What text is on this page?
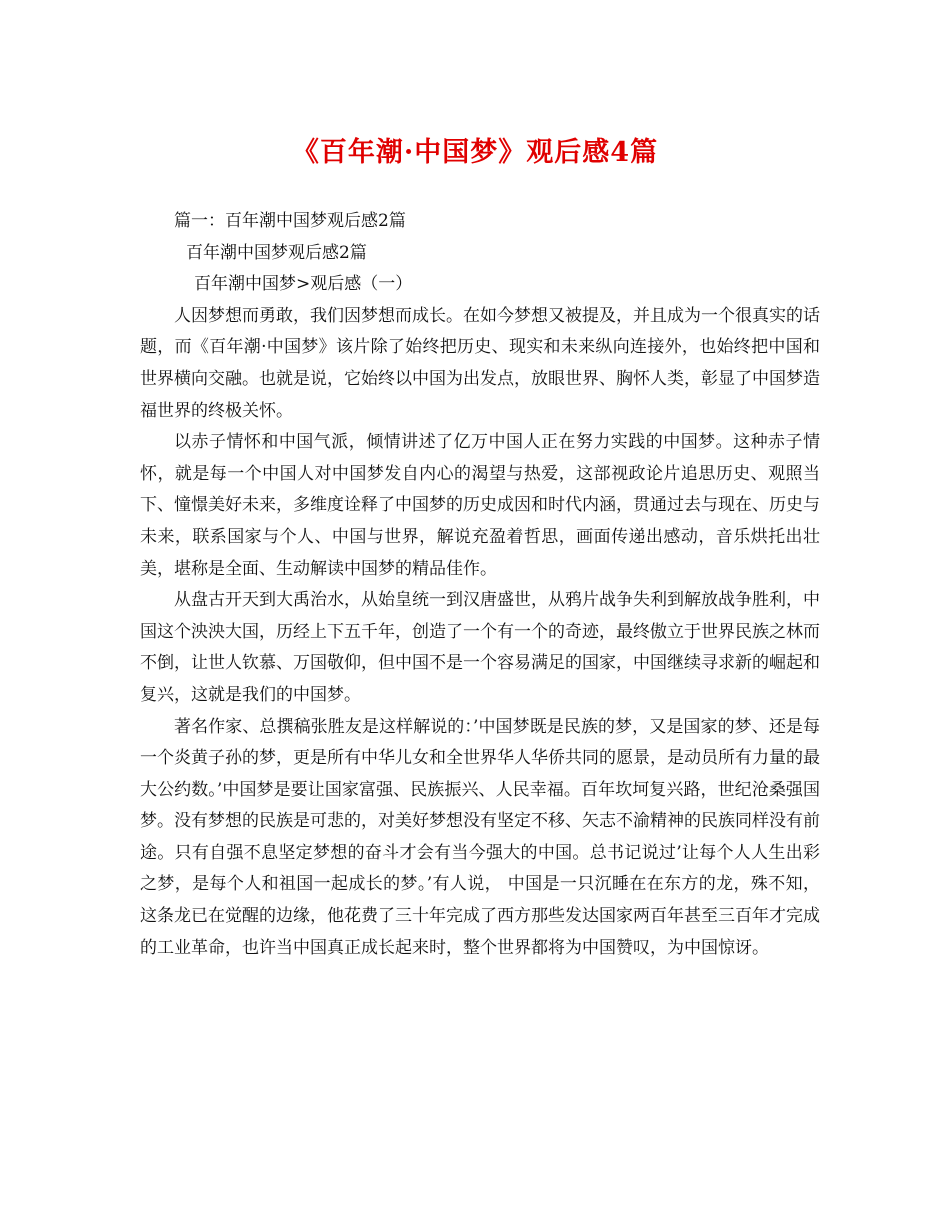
《百年潮·中国梦》观后感4篇

篇一：百年潮中国梦观后感2篇

百年潮中国梦观后感2篇

百年潮中国梦>观后感（一）

人因梦想而勇敢，我们因梦想而成长。在如今梦想又被提及，并且成为一个很真实的话题，而《百年潮·中国梦》该片除了始终把历史、现实和未来纵向连接外，也始终把中国和世界横向交融。也就是说，它始终以中国为出发点，放眼世界、胸怀人类，彰显了中国梦造福世界的终极关怀。

以赤子情怀和中国气派，倾情讲述了亿万中国人正在努力实践的中国梦。这种赤子情怀，就是每一个中国人对中国梦发自内心的渴望与热爱，这部视政论片追思历史、观照当下、憧憬美好未来，多维度诠释了中国梦的历史成因和时代内涵，贯通过去与现在、历史与未来，联系国家与个人、中国与世界，解说充盈着哲思，画面传递出感动，音乐烘托出壮美，堪称是全面、生动解读中国梦的精品佳作。

从盘古开天到大禹治水，从始皇统一到汉唐盛世，从鸦片战争失利到解放战争胜利，中国这个泱泱大国，历经上下五千年，创造了一个有一个的奇迹，最终傲立于世界民族之林而不倒，让世人钦慕、万国敬仰，但中国不是一个容易满足的国家，中国继续寻求新的崛起和复兴，这就是我们的中国梦。

著名作家、总撰稿张胜友是这样解说的：’中国梦既是民族的梦，又是国家的梦、还是每一个炎黄子孙的梦，更是所有中华儿女和全世界华人华侨共同的愿景，是动员所有力量的最大公约数。’中国梦是要让国家富强、民族振兴、人民幸福。百年坎坷复兴路，世纪沧桑强国梦。没有梦想的民族是可悲的，对美好梦想没有坚定不移、矢志不渝精神的民族同样没有前途。只有自强不息坚定梦想的奋斗才会有当今强大的中国。总书记说过’让每个人人生出彩之梦，是每个人和祖国一起成长的梦。’有人说， 中国是一只沉睡在在东方的龙，殊不知，这条龙已在觉醒的边缘，他花费了三十年完成了西方那些发达国家两百年甚至三百年才完成的工业革命，也许当中国真正成长起来时，整个世界都将为中国赞叹，为中国惊讶。
